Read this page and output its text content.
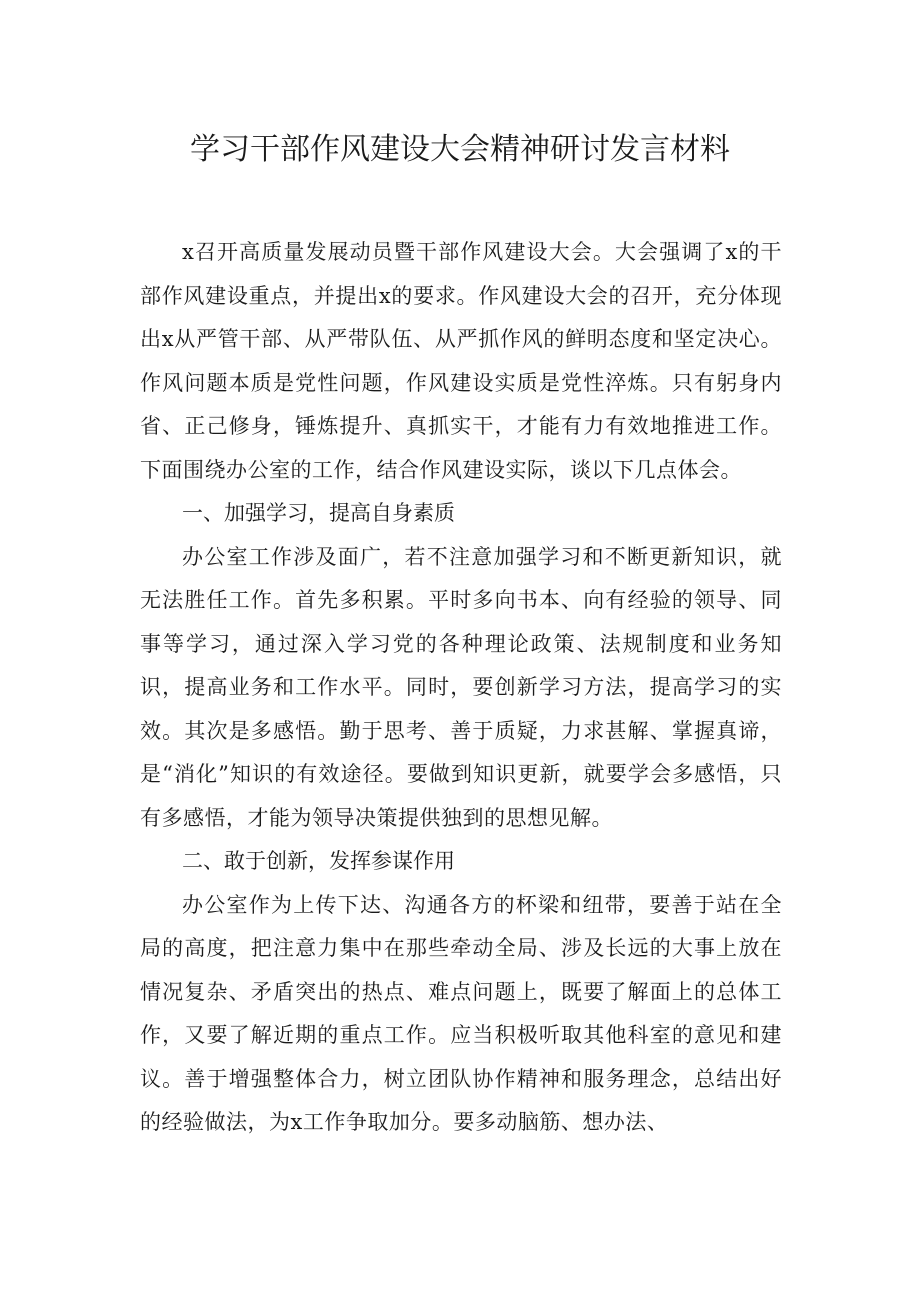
学习干部作风建设大会精神研讨发言材料

x召开高质量发展动员暨干部作风建设大会。大会强调了x的干部作风建设重点，并提出x的要求。作风建设大会的召开，充分体现出x从严管干部、从严带队伍、从严抓作风的鲜明态度和坚定决心。作风问题本质是党性问题，作风建设实质是党性淬炼。只有躬身内省、正己修身，锤炼提升、真抓实干，才能有力有效地推进工作。下面围绕办公室的工作，结合作风建设实际，谈以下几点体会。

一、加强学习，提高自身素质

办公室工作涉及面广，若不注意加强学习和不断更新知识，就无法胜任工作。首先多积累。平时多向书本、向有经验的领导、同事等学习，通过深入学习党的各种理论政策、法规制度和业务知识，提高业务和工作水平。同时，要创新学习方法，提高学习的实效。其次是多感悟。勤于思考、善于质疑，力求甚解、掌握真谛，是“消化”知识的有效途径。要做到知识更新，就要学会多感悟，只有多感悟，才能为领导决策提供独到的思想见解。

二、敢于创新，发挥参谋作用

办公室作为上传下达、沟通各方的杯梁和纽带，要善于站在全局的高度，把注意力集中在那些牵动全局、涉及长远的大事上放在情况复杂、矛盾突出的热点、难点问题上，既要了解面上的总体工作，又要了解近期的重点工作。应当积极听取其他科室的意见和建议。善于增强整体合力，树立团队协作精神和服务理念，总结出好的经验做法，为x工作争取加分。要多动脑筋、想办法、
